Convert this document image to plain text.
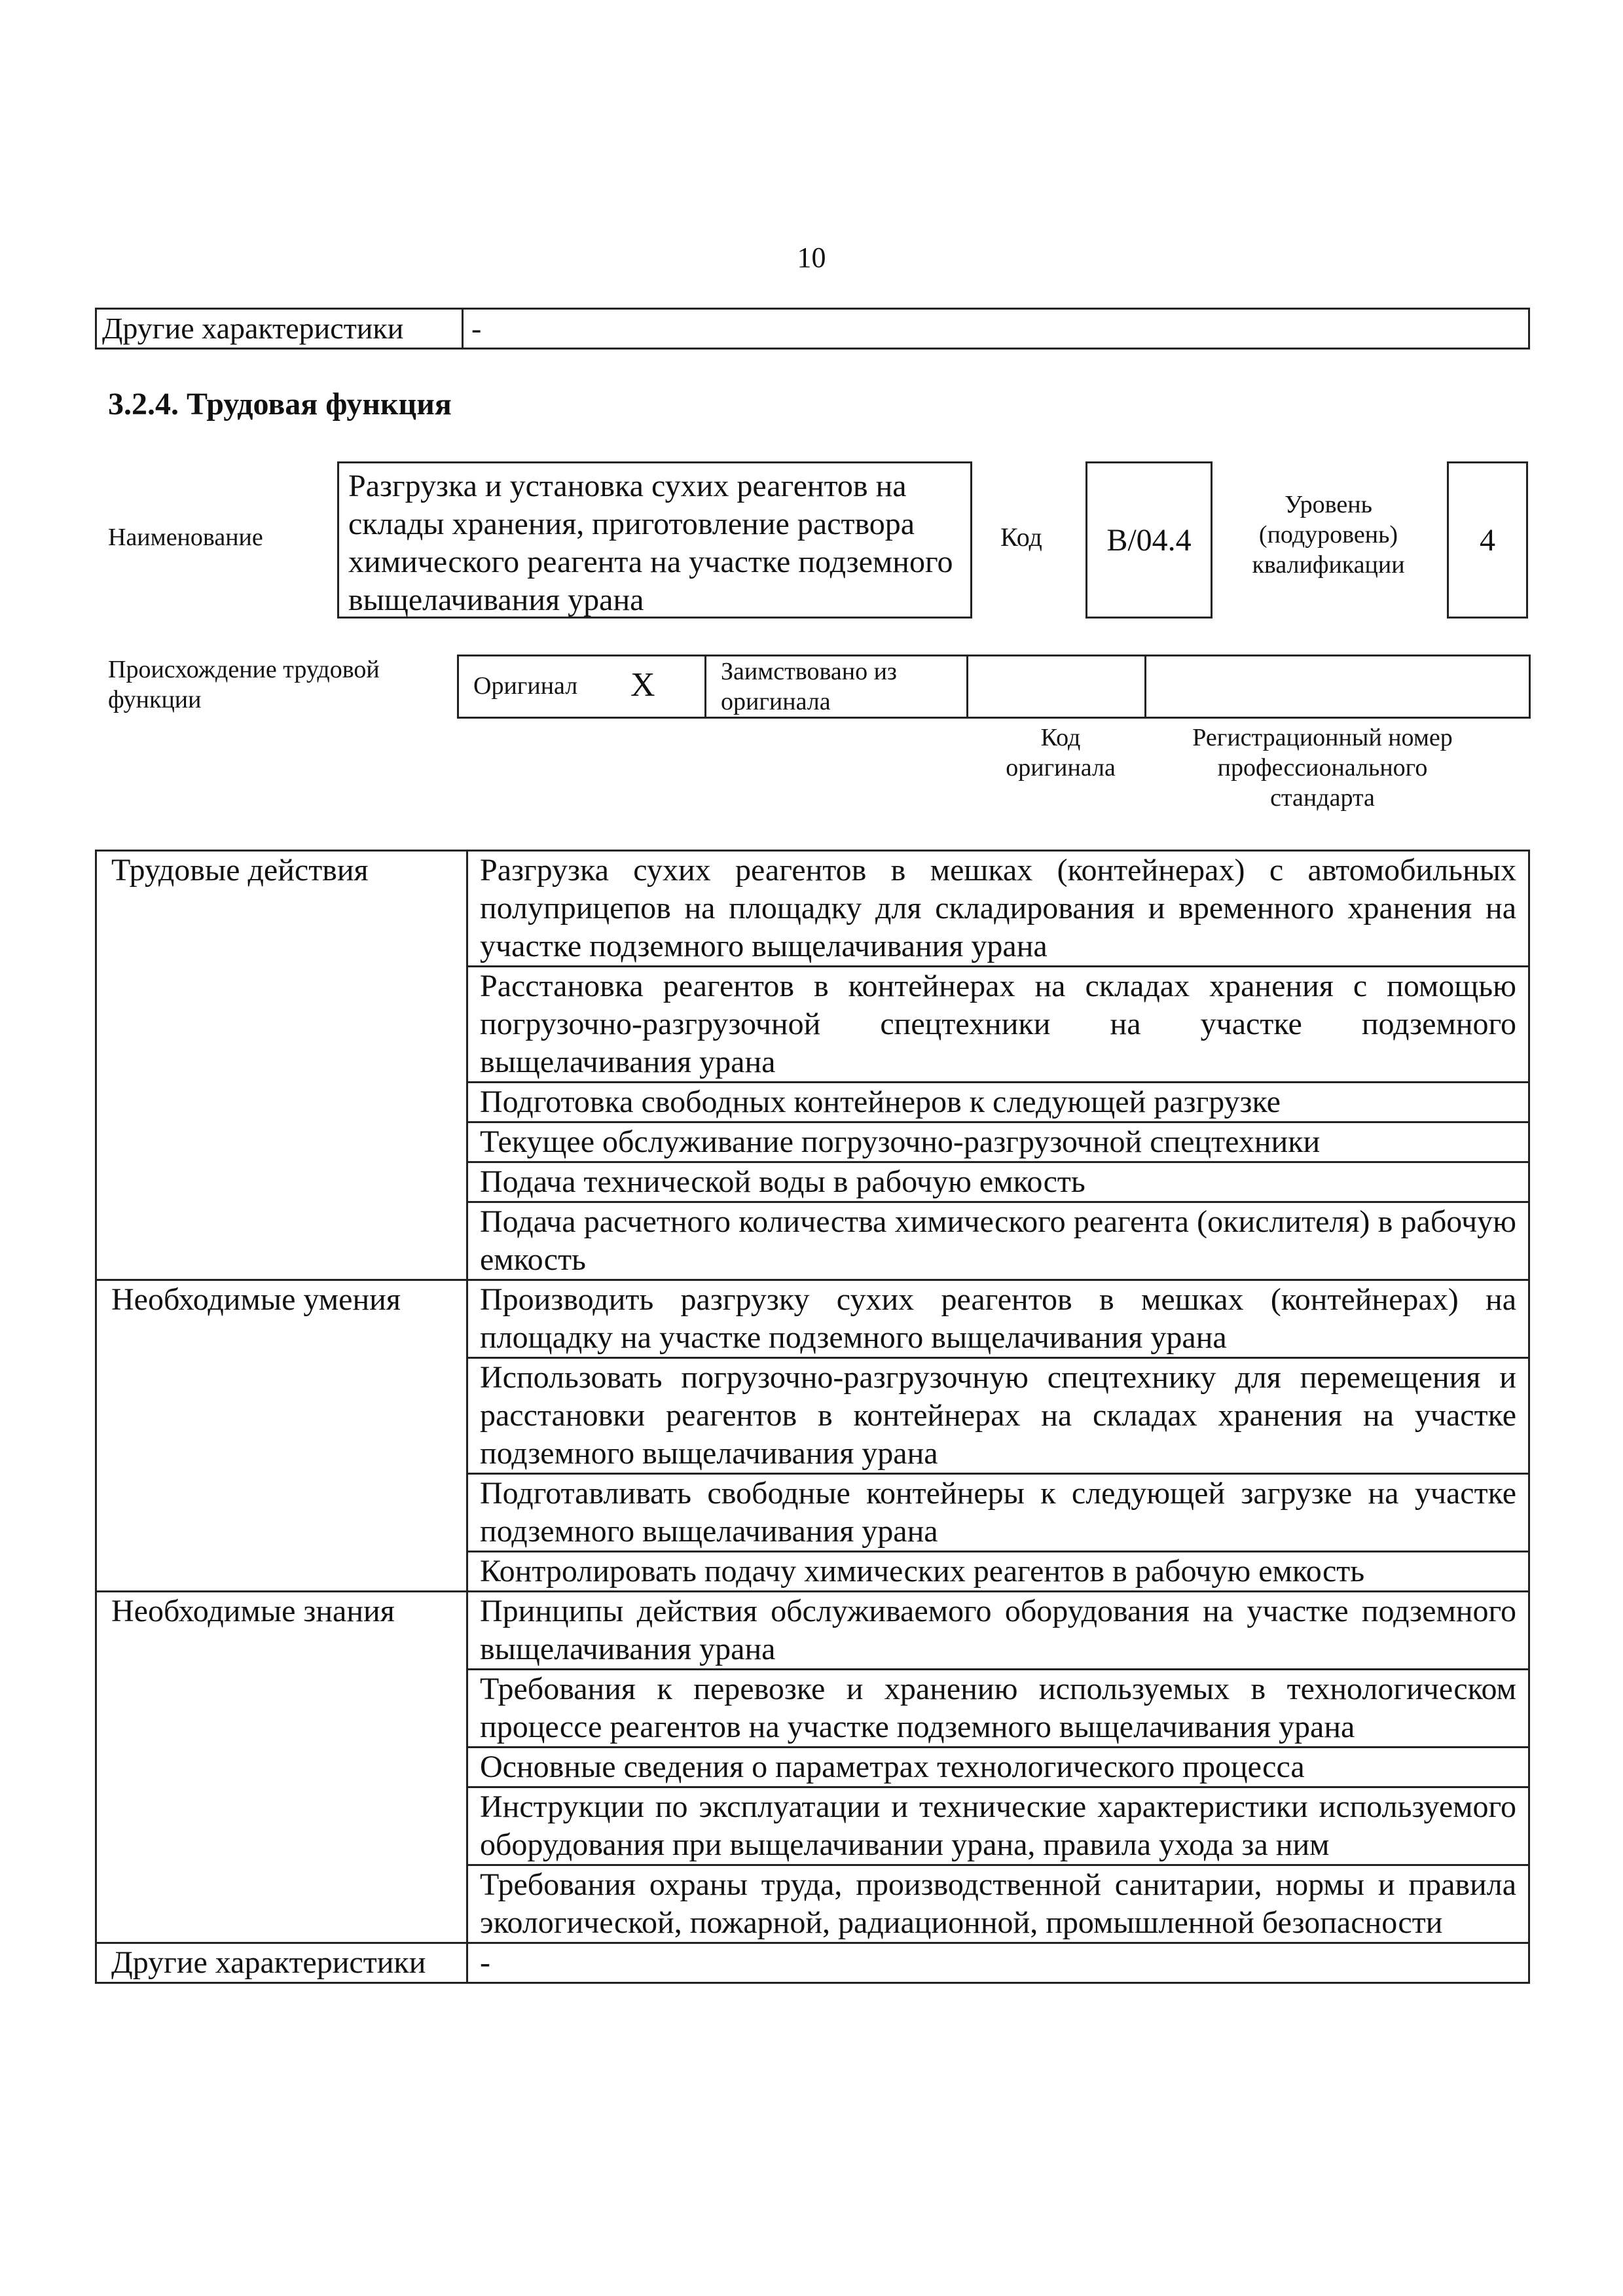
10
Другие характеристики	-
3.2.4. Трудовая функция
Наименование
Разгрузка и установка сухих реагентов на склады хранения, приготовление раствора химического реагента на участке подземного выщелачивания урана
Код В/04.4
Уровень
(подуровень)
квалификации
4
Происхождение трудовой функции	Оригинал X	Заимствовано из оригинала
Код
оригинала
Регистрационный номер
профессионального
стандарта
Трудовые действия	Разгрузка сухих реагентов в мешках (контейнерах) с автомобильных полуприцепов на площадку для складирования и временного хранения на участке подземного выщелачивания урана
	Расстановка реагентов в контейнерах на складах хранения с помощью погрузочно-разгрузочной спецтехники на участке подземного выщелачивания урана
	Подготовка свободных контейнеров к следующей разгрузке
	Текущее обслуживание погрузочно-разгрузочной спецтехники
	Подача технической воды в рабочую емкость
	Подача расчетного количества химического реагента (окислителя) в рабочую емкость
Необходимые умения	Производить разгрузку сухих реагентов в мешках (контейнерах) на площадку на участке подземного выщелачивания урана
	Использовать погрузочно-разгрузочную спецтехнику для перемещения и расстановки реагентов в контейнерах на складах хранения на участке подземного выщелачивания урана
	Подготавливать свободные контейнеры к следующей загрузке на участке подземного выщелачивания урана
	Контролировать подачу химических реагентов в рабочую емкость
Необходимые знания	Принципы действия обслуживаемого оборудования на участке подземного выщелачивания урана
	Требования к перевозке и хранению используемых в технологическом процессе реагентов на участке подземного выщелачивания урана
	Основные сведения о параметрах технологического процесса
	Инструкции по эксплуатации и технические характеристики используемого оборудования при выщелачивании урана, правила ухода за ним
	Требования охраны труда, производственной санитарии, нормы и правила экологической, пожарной, радиационной, промышленной безопасности
Другие характеристики	-
